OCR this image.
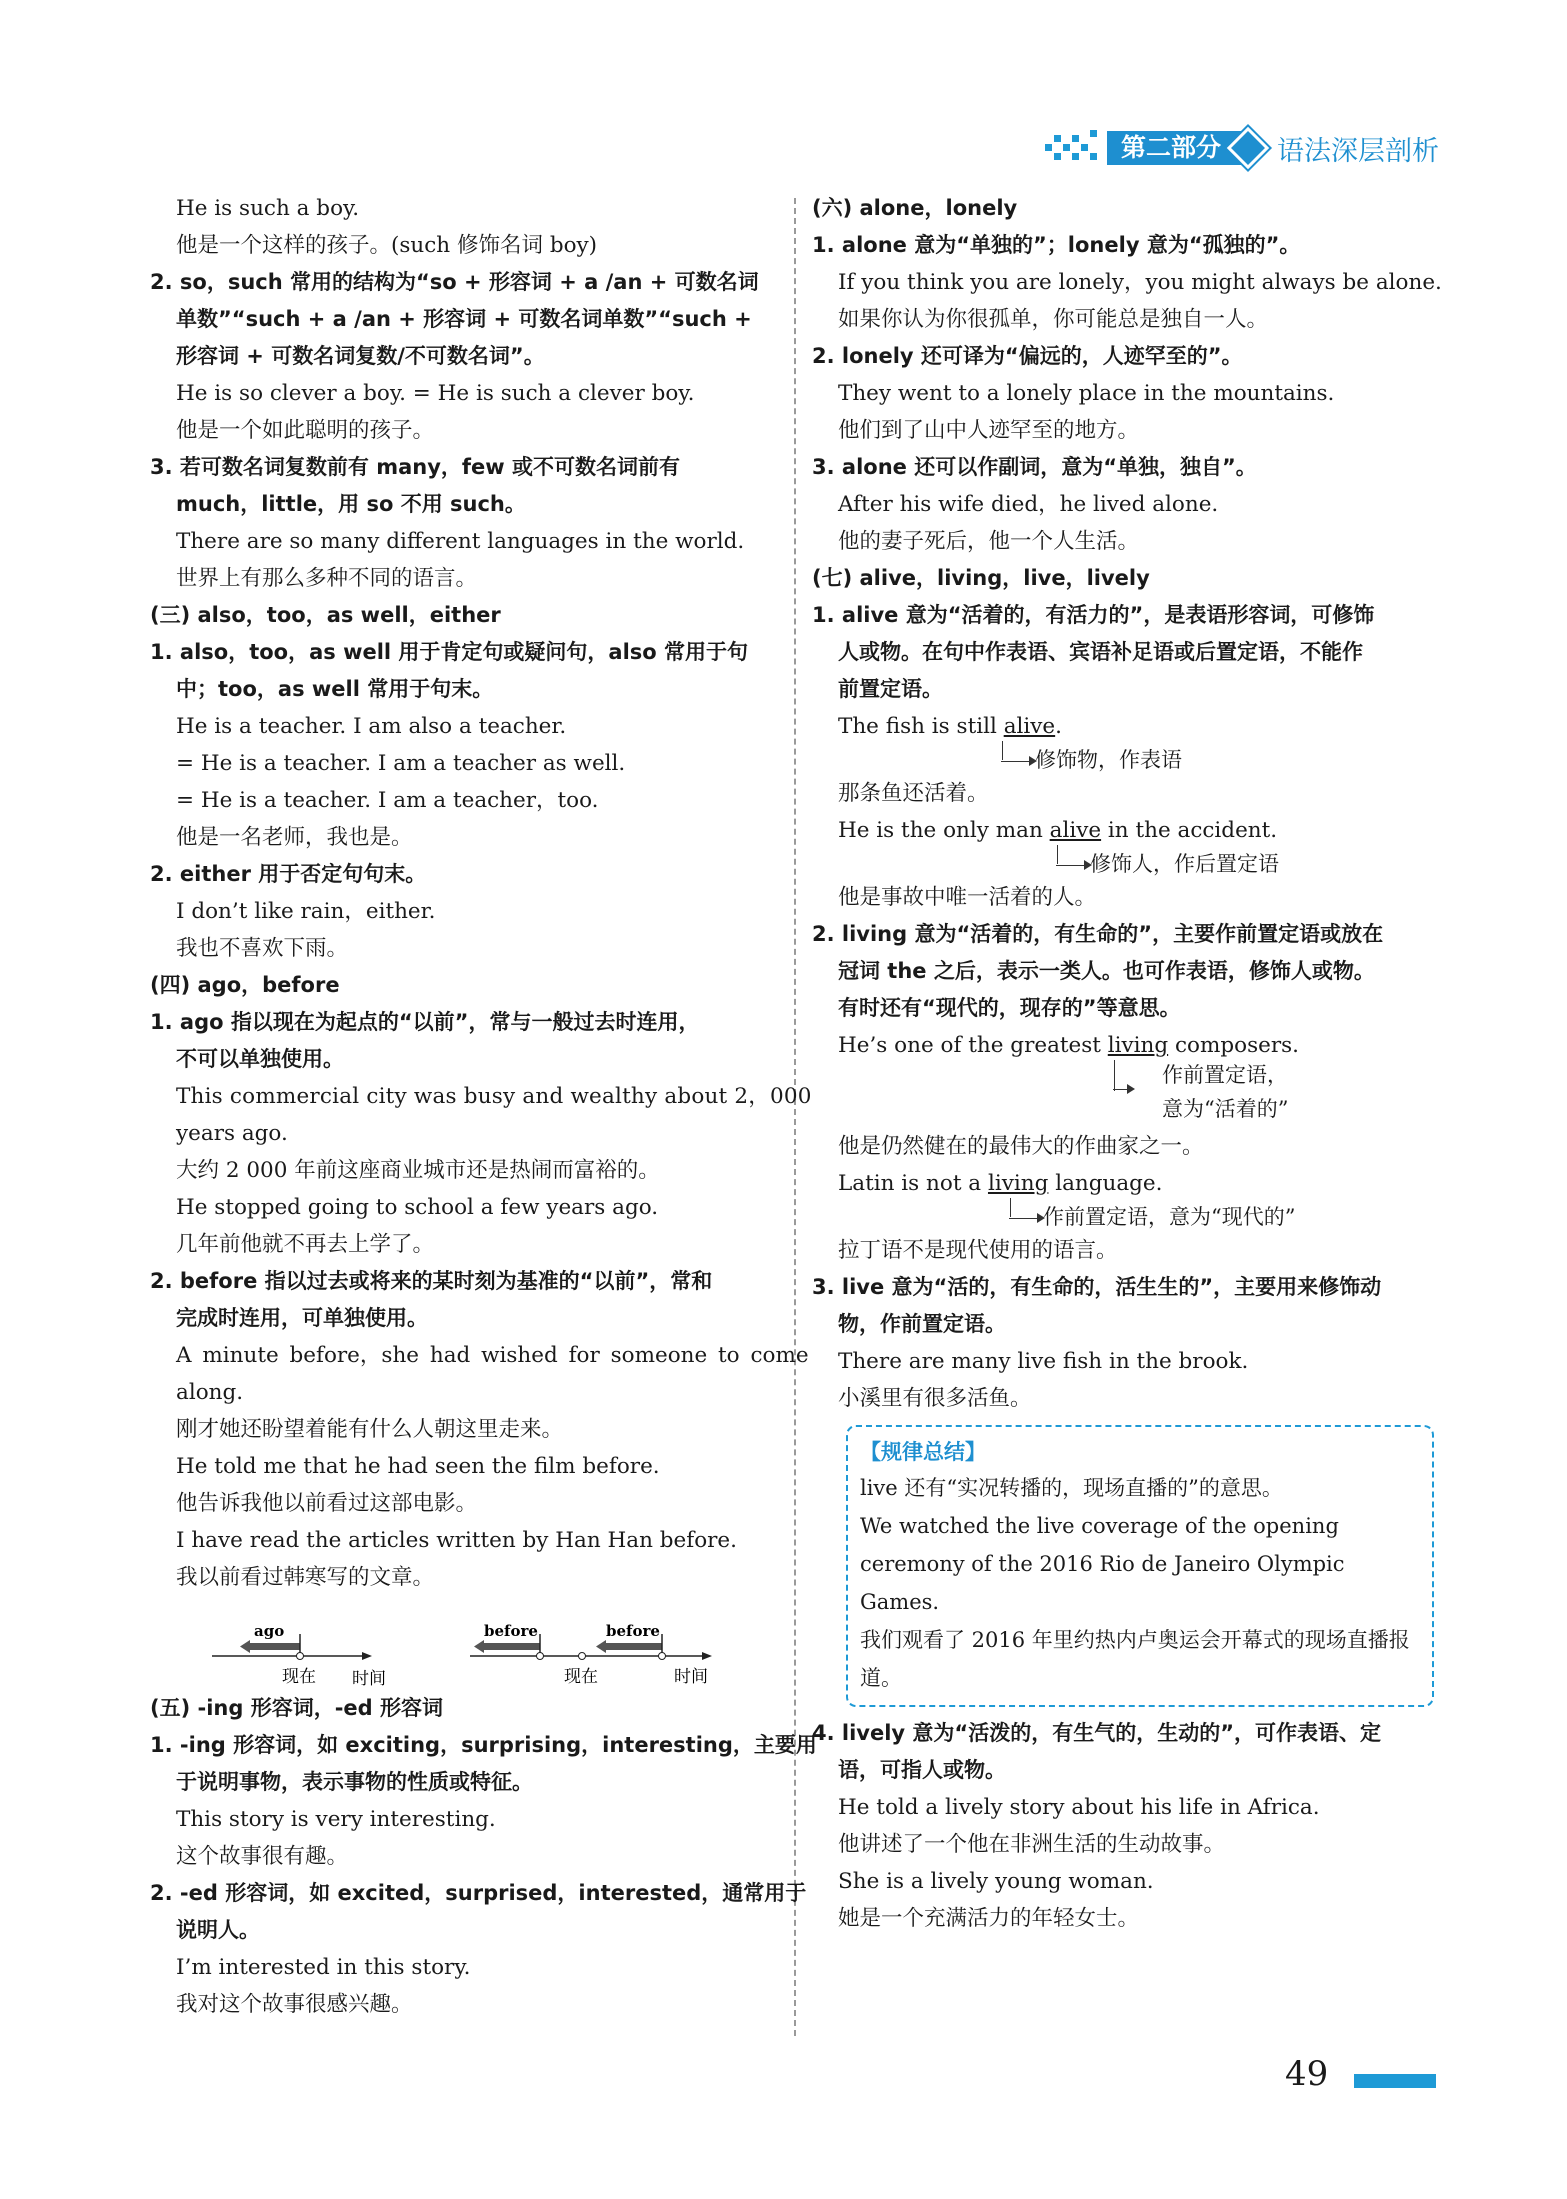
第二部分	语法深层剖析
He is such a boy.
他是一个这样的孩子。(such 修饰名词 boy)
2. so，such 常用的结构为“so + 形容词 + a /an + 可数名词
单数”“such + a /an + 形容词 + 可数名词单数”“such +
形容词 + 可数名词复数/不可数名词”。
He is so clever a boy. = He is such a clever boy.
他是一个如此聪明的孩子。
3. 若可数名词复数前有 many，few 或不可数名词前有
much，little，用 so 不用 such。
There are so many different languages in the world.
世界上有那么多种不同的语言。
(三) also，too，as well，either
1. also，too，as well 用于肯定句或疑问句，also 常用于句
中；too，as well 常用于句末。
He is a teacher. I am also a teacher.
= He is a teacher. I am a teacher as well.
= He is a teacher. I am a teacher，too.
他是一名老师，我也是。
2. either 用于否定句句末。
I don’t like rain，either.
我也不喜欢下雨。
(四) ago，before
1. ago 指以现在为起点的“以前”，常与一般过去时连用，
不可以单独使用。
This commercial city was busy and wealthy about 2，000
years ago.
大约 2 000 年前这座商业城市还是热闹而富裕的。
He stopped going to school a few years ago.
几年前他就不再去上学了。
2. before 指以过去或将来的某时刻为基准的“以前”，常和
完成时连用，可单独使用。
A minute before，she had wished for someone to come
along.
刚才她还盼望着能有什么人朝这里走来。
He told me that he had seen the film before.
他告诉我他以前看过这部电影。
I have read the articles written by Han Han before.
我以前看过韩寒写的文章。
ago	before	before
现在 时间	现在	时间
(五) -ing 形容词，-ed 形容词
1. -ing 形容词，如 exciting，surprising，interesting，主要用
于说明事物，表示事物的性质或特征。
This story is very interesting.
这个故事很有趣。
2. -ed 形容词，如 excited，surprised，interested，通常用于
说明人。
I’m interested in this story.
我对这个故事很感兴趣。
(六) alone，lonely
1. alone 意为“单独的”；lonely 意为“孤独的”。
If you think you are lonely，you might always be alone.
如果你认为你很孤单，你可能总是独自一人。
2. lonely 还可译为“偏远的，人迹罕至的”。
They went to a lonely place in the mountains.
他们到了山中人迹罕至的地方。
3. alone 还可以作副词，意为“单独，独自”。
After his wife died，he lived alone.
他的妻子死后，他一个人生活。
(七) alive，living，live，lively
1. alive 意为“活着的，有活力的”，是表语形容词，可修饰
人或物。在句中作表语、宾语补足语或后置定语，不能作
前置定语。
The fish is still alive.
修饰物，作表语
那条鱼还活着。
He is the only man alive in the accident.
修饰人，作后置定语
他是事故中唯一活着的人。
2. living 意为“活着的，有生命的”，主要作前置定语或放在
冠词 the 之后，表示一类人。也可作表语，修饰人或物。
有时还有“现代的，现存的”等意思。
He’s one of the greatest living composers.
作前置定语，
意为“活着的”
他是仍然健在的最伟大的作曲家之一。
Latin is not a living language.
作前置定语，意为“现代的”
拉丁语不是现代使用的语言。
3. live 意为“活的，有生命的，活生生的”，主要用来修饰动
物，作前置定语。
There are many live fish in the brook.
小溪里有很多活鱼。
【规律总结】
live 还有“实况转播的，现场直播的”的意思。
We watched the live coverage of the opening ceremony of the 2016 Rio de Janeiro Olympic Games.
我们观看了 2016 年里约热内卢奥运会开幕式的现场直播报道。
4. lively 意为“活泼的，有生气的，生动的”，可作表语、定
语，可指人或物。
He told a lively story about his life in Africa.
他讲述了一个他在非洲生活的生动故事。
She is a lively young woman.
她是一个充满活力的年轻女士。
49
